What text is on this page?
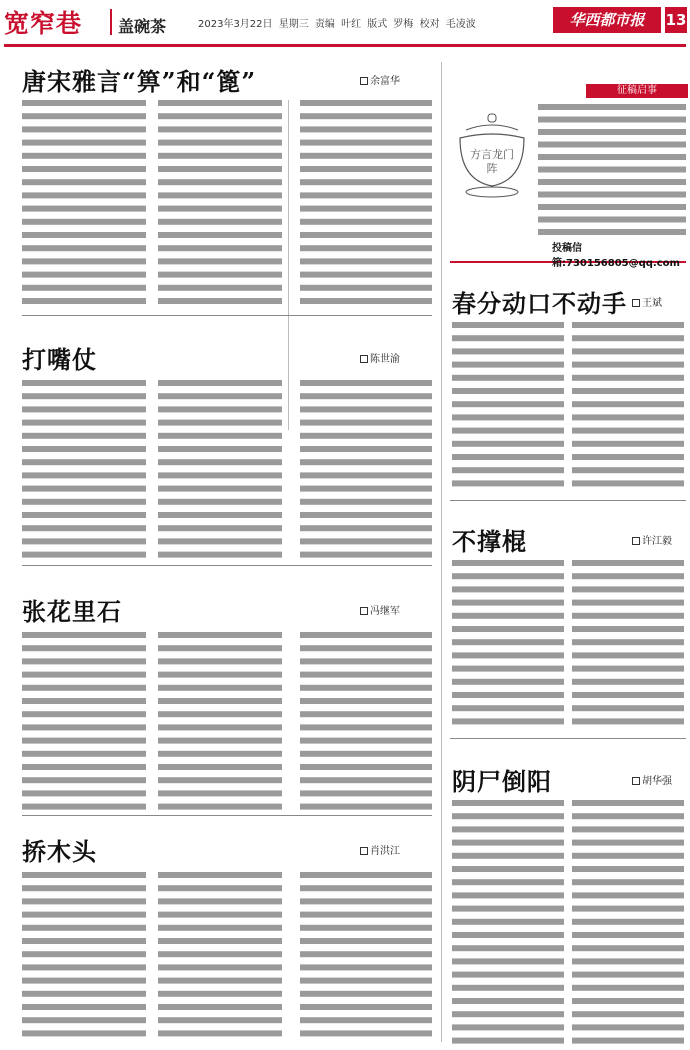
宽窄巷 盖碗茶	2023年3月22日 星期三 责编 叶红 版式 罗梅 校对 毛凌波	华西都市报	13
唐宋雅言“箅”和“篦”	余富华
打嘴仗	陈世渝
张花里石	冯继军
挢木头	肖洪江
征稿启事
方言龙门阵
投稿信箱:730156805@qq.com
春分动口不动手	王斌
不撑棍	许江毅
阴尸倒阳	胡华强
